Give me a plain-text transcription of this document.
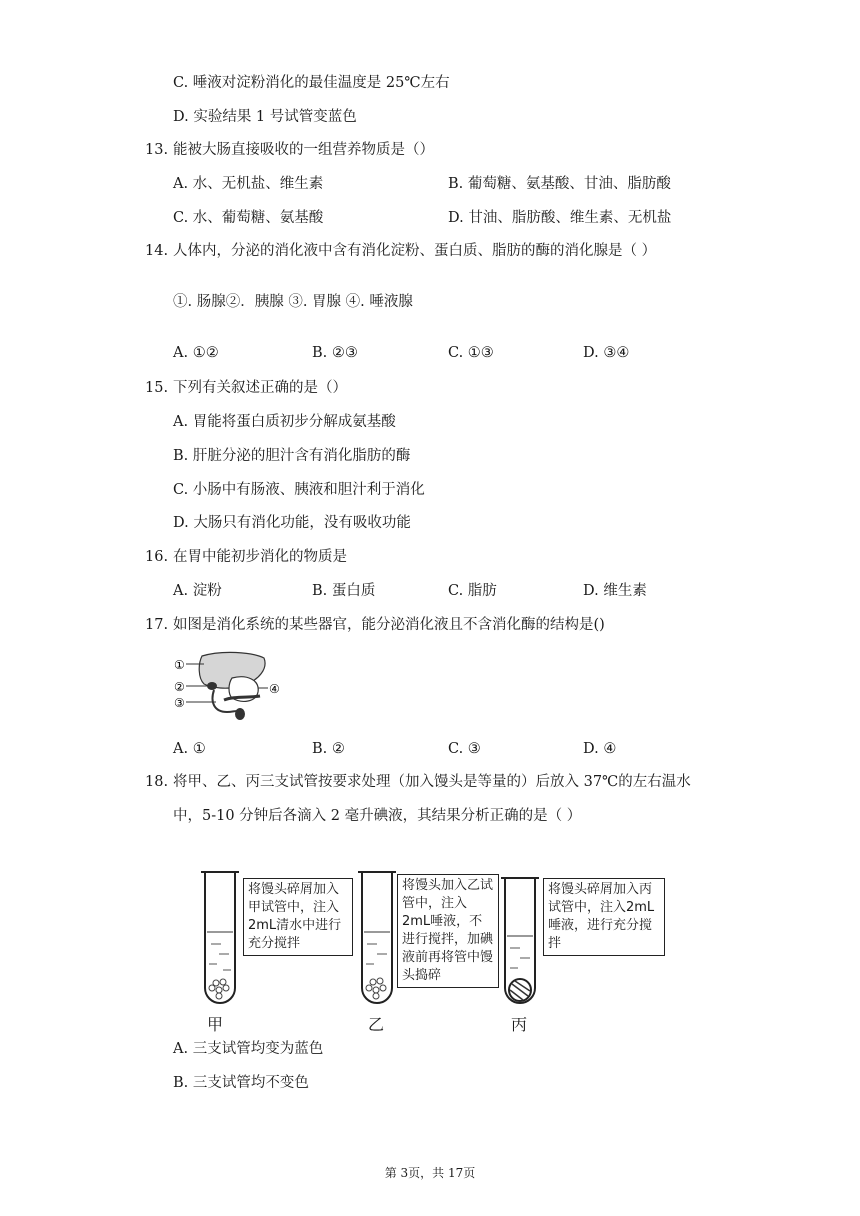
C. 唾液对淀粉消化的最佳温度是 25℃左右
D. 实验结果 1 号试管变蓝色
13. 能被大肠直接吸收的一组营养物质是（）
A. 水、无机盐、维生素	B. 葡萄糖、氨基酸、甘油、脂肪酸
C. 水、葡萄糖、氨基酸	D. 甘油、脂肪酸、维生素、无机盐
14. 人体内，分泌的消化液中含有消化淀粉、蛋白质、脂肪的酶的消化腺是（ ）
①. 肠腺②．胰腺 ③. 胃腺 ④. 唾液腺
A. ①②	B. ②③	C. ①③	D. ③④
15. 下列有关叙述正确的是（）
A. 胃能将蛋白质初步分解成氨基酸
B. 肝脏分泌的胆汁含有消化脂肪的酶
C. 小肠中有肠液、胰液和胆汁利于消化
D. 大肠只有消化功能，没有吸收功能
16. 在胃中能初步消化的物质是
A. 淀粉	B. 蛋白质	C. 脂肪	D. 维生素
17. 如图是消化系统的某些器官，能分泌消化液且不含消化酶的结构是()
①
②
③
④
A. ①	B. ②	C. ③	D. ④
18. 将甲、乙、丙三支试管按要求处理（加入馒头是等量的）后放入 37℃的左右温水
中，5-10 分钟后各滴入 2 毫升碘液，其结果分析正确的是（ ）
将馒头碎屑加入甲试管中，注入2mL清水中进行充分搅拌
将馒头加入乙试管中，注入2mL唾液，不进行搅拌，加碘液前再将管中馒头捣碎
将馒头碎屑加入丙试管中，注入2mL唾液，进行充分搅拌
甲	乙	丙
A. 三支试管均变为蓝色
B. 三支试管均不变色
第 3页，共 17页
